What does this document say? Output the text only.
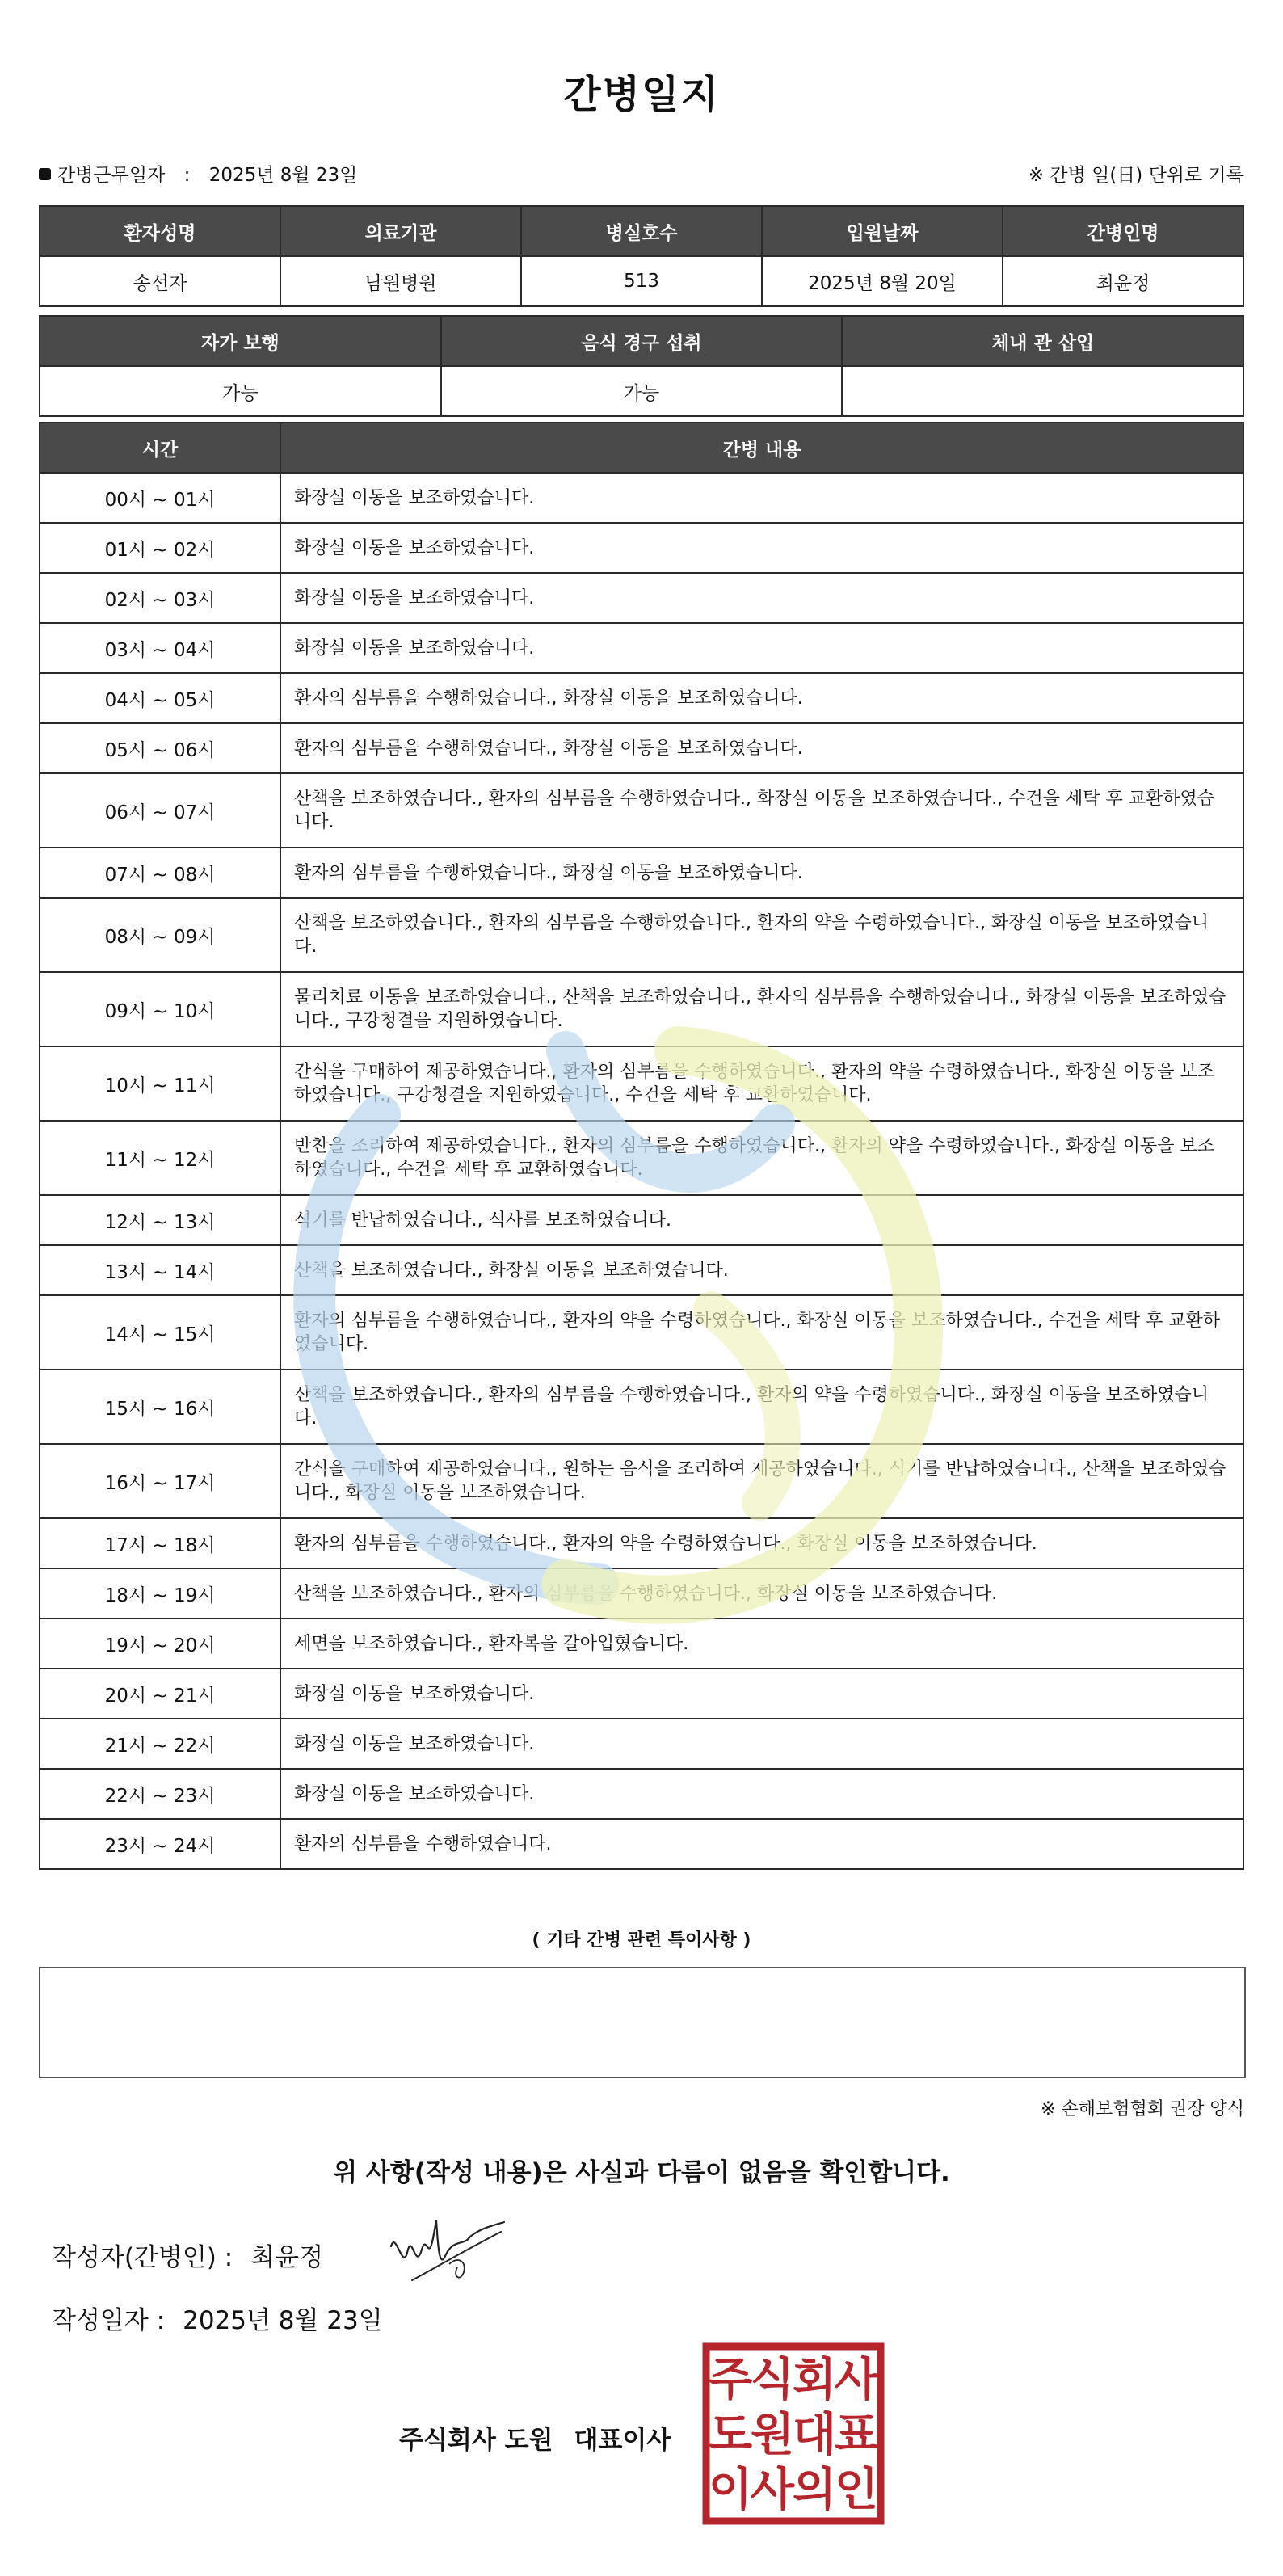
간병일지
간병근무일자 : 2025년 8월 23일	※ 간병 일(日) 단위로 기록
환자성명	의료기관	병실호수	입원날짜	간병인명
송선자	남원병원	513	2025년 8월 20일	최윤정
자가 보행	음식 경구 섭취	체내 관 삽입
가능	가능	
시간	간병 내용
00시 ~ 01시	화장실 이동을 보조하였습니다.
01시 ~ 02시	화장실 이동을 보조하였습니다.
02시 ~ 03시	화장실 이동을 보조하였습니다.
03시 ~ 04시	화장실 이동을 보조하였습니다.
04시 ~ 05시	환자의 심부름을 수행하였습니다., 화장실 이동을 보조하였습니다.
05시 ~ 06시	환자의 심부름을 수행하였습니다., 화장실 이동을 보조하였습니다.
06시 ~ 07시	산책을 보조하였습니다., 환자의 심부름을 수행하였습니다., 화장실 이동을 보조하였습니다., 수건을 세탁 후 교환하였습니다.
07시 ~ 08시	환자의 심부름을 수행하였습니다., 화장실 이동을 보조하였습니다.
08시 ~ 09시	산책을 보조하였습니다., 환자의 심부름을 수행하였습니다., 환자의 약을 수령하였습니다., 화장실 이동을 보조하였습니다.
09시 ~ 10시	물리치료 이동을 보조하였습니다., 산책을 보조하였습니다., 환자의 심부름을 수행하였습니다., 화장실 이동을 보조하였습니다., 구강청결을 지원하였습니다.
10시 ~ 11시	간식을 구매하여 제공하였습니다., 환자의 심부름을 수행하였습니다., 환자의 약을 수령하였습니다., 화장실 이동을 보조하였습니다., 구강청결을 지원하였습니다., 수건을 세탁 후 교환하였습니다.
11시 ~ 12시	반찬을 조리하여 제공하였습니다., 환자의 심부름을 수행하였습니다., 환자의 약을 수령하였습니다., 화장실 이동을 보조하였습니다., 수건을 세탁 후 교환하였습니다.
12시 ~ 13시	식기를 반납하였습니다., 식사를 보조하였습니다.
13시 ~ 14시	산책을 보조하였습니다., 화장실 이동을 보조하였습니다.
14시 ~ 15시	환자의 심부름을 수행하였습니다., 환자의 약을 수령하였습니다., 화장실 이동을 보조하였습니다., 수건을 세탁 후 교환하였습니다.
15시 ~ 16시	산책을 보조하였습니다., 환자의 심부름을 수행하였습니다., 환자의 약을 수령하였습니다., 화장실 이동을 보조하였습니다.
16시 ~ 17시	간식을 구매하여 제공하였습니다., 원하는 음식을 조리하여 제공하였습니다., 식기를 반납하였습니다., 산책을 보조하였습니다., 화장실 이동을 보조하였습니다.
17시 ~ 18시	환자의 심부름을 수행하였습니다., 환자의 약을 수령하였습니다., 화장실 이동을 보조하였습니다.
18시 ~ 19시	산책을 보조하였습니다., 환자의 심부름을 수행하였습니다., 화장실 이동을 보조하였습니다.
19시 ~ 20시	세면을 보조하였습니다., 환자복을 갈아입혔습니다.
20시 ~ 21시	화장실 이동을 보조하였습니다.
21시 ~ 22시	화장실 이동을 보조하였습니다.
22시 ~ 23시	화장실 이동을 보조하였습니다.
23시 ~ 24시	환자의 심부름을 수행하였습니다.
( 기타 간병 관련 특이사항 )
※ 손해보험협회 권장 양식
위 사항(작성 내용)은 사실과 다름이 없음을 확인합니다.
작성자(간병인) : 최윤정
작성일자 : 2025년 8월 23일
주식회사 도원 대표이사
주
식
회
사
도
원
대
표
이
사
의
인
